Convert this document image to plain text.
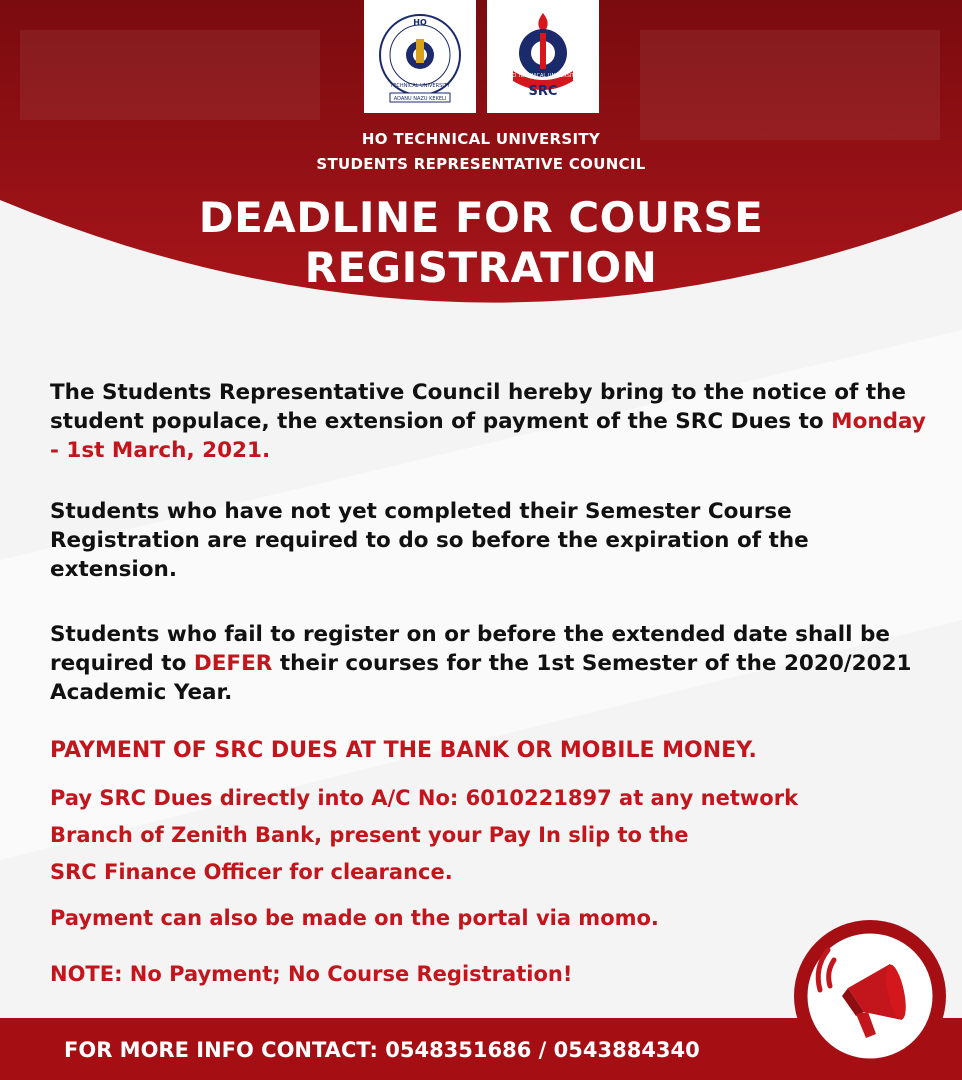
HO
TECHNICAL UNIVERSITY
ADANU NAZU KEKELI
HO TECHNICAL UNIVERSITY
SRC
HO TECHNICAL UNIVERSITY
STUDENTS REPRESENTATIVE COUNCIL
DEADLINE FOR COURSE
REGISTRATION
The Students Representative Council hereby bring to the notice of the student populace, the extension of payment of the SRC Dues to Monday - 1st March, 2021.
Students who have not yet completed their Semester Course Registration are required to do so before the expiration of the extension.
Students who fail to register on or before the extended date shall be required to DEFER their courses for the 1st Semester of the 2020/2021 Academic Year.
PAYMENT OF SRC DUES AT THE BANK OR MOBILE MONEY.
Pay SRC Dues directly into A/C No: 6010221897 at any network
Branch of Zenith Bank, present your Pay In slip to the
SRC Finance Officer for clearance.
Payment can also be made on the portal via momo.
NOTE: No Payment; No Course Registration!
FOR MORE INFO CONTACT: 0548351686 / 0543884340
